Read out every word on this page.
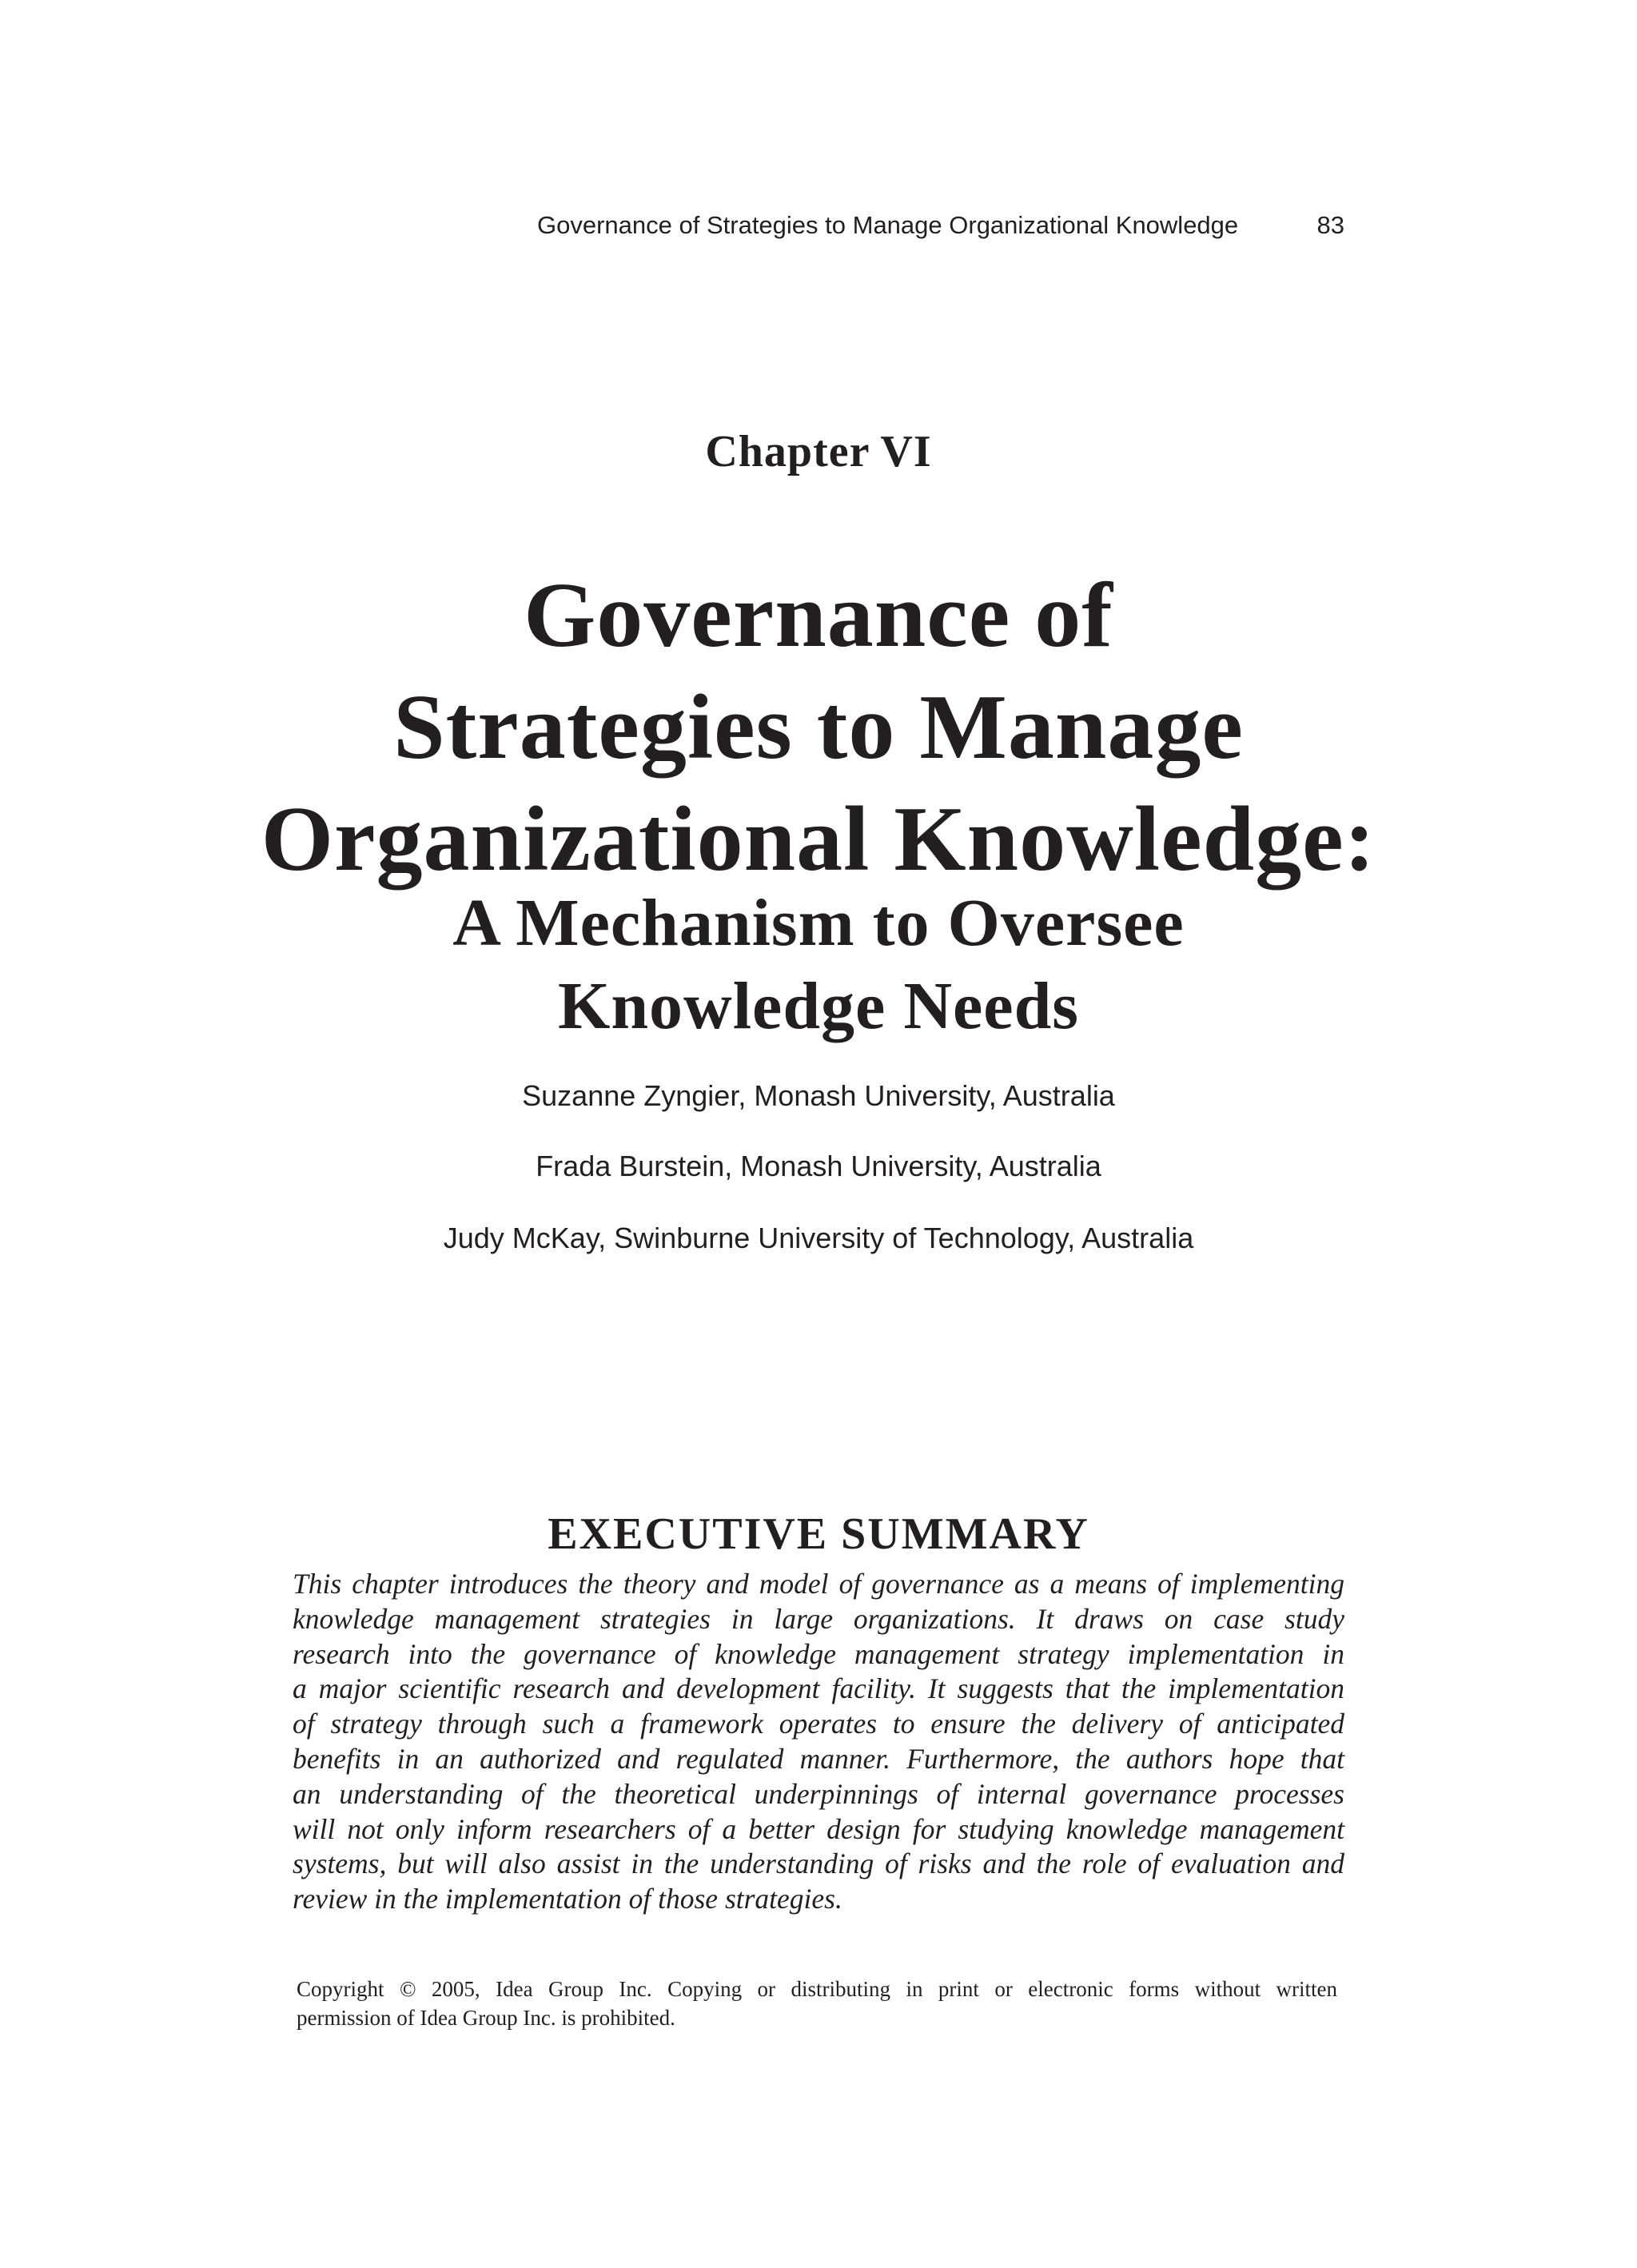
Governance of Strategies to Manage Organizational Knowledge	83
Chapter VI
Governance of
Strategies to Manage
Organizational Knowledge:
A Mechanism to Oversee
Knowledge Needs
Suzanne Zyngier, Monash University, Australia
Frada Burstein, Monash University, Australia
Judy McKay, Swinburne University of Technology, Australia
EXECUTIVE SUMMARY
This chapter introduces the theory and model of governance as a means of implementing
knowledge management strategies in large organizations. It draws on case study
research into the governance of knowledge management strategy implementation in
a major scientific research and development facility. It suggests that the implementation
of strategy through such a framework operates to ensure the delivery of anticipated
benefits in an authorized and regulated manner. Furthermore, the authors hope that
an understanding of the theoretical underpinnings of internal governance processes
will not only inform researchers of a better design for studying knowledge management
systems, but will also assist in the understanding of risks and the role of evaluation and
review in the implementation of those strategies.
Copyright © 2005, Idea Group Inc. Copying or distributing in print or electronic forms without written
permission of Idea Group Inc. is prohibited.
